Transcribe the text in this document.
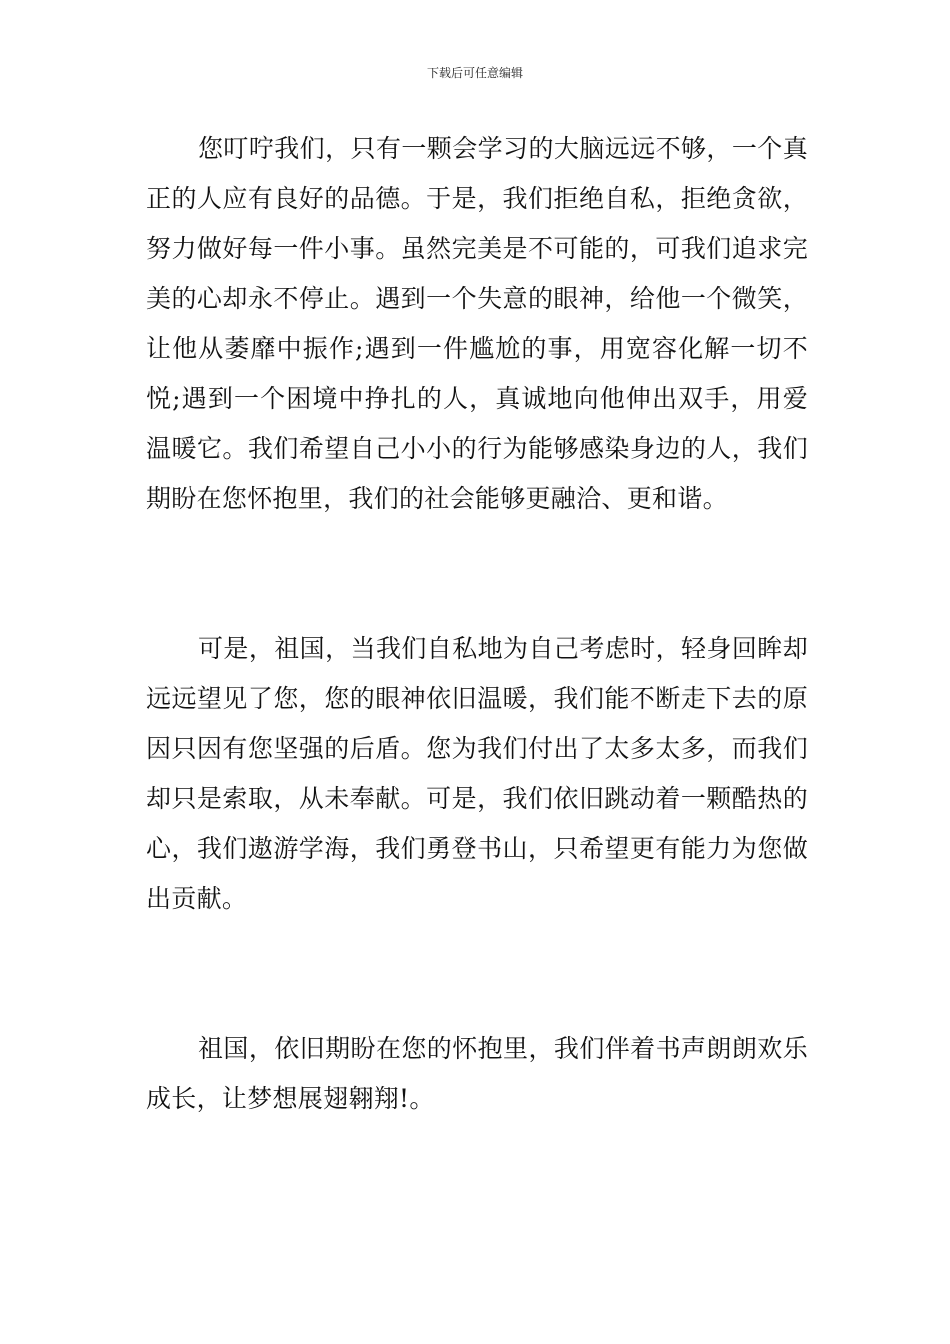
下载后可任意编辑

您叮咛我们，只有一颗会学习的大脑远远不够，一个真正的人应有良好的品德。于是，我们拒绝自私，拒绝贪欲，努力做好每一件小事。虽然完美是不可能的，可我们追求完美的心却永不停止。遇到一个失意的眼神，给他一个微笑，让他从萎靡中振作;遇到一件尴尬的事，用宽容化解一切不悦;遇到一个困境中挣扎的人，真诚地向他伸出双手，用爱温暖它。我们希望自己小小的行为能够感染身边的人，我们期盼在您怀抱里，我们的社会能够更融洽、更和谐。

可是，祖国，当我们自私地为自己考虑时，轻身回眸却远远望见了您，您的眼神依旧温暖，我们能不断走下去的原因只因有您坚强的后盾。您为我们付出了太多太多，而我们却只是索取，从未奉献。可是，我们依旧跳动着一颗酷热的心，我们遨游学海，我们勇登书山，只希望更有能力为您做出贡献。

祖国，依旧期盼在您的怀抱里，我们伴着书声朗朗欢乐成长，让梦想展翅翱翔!。
